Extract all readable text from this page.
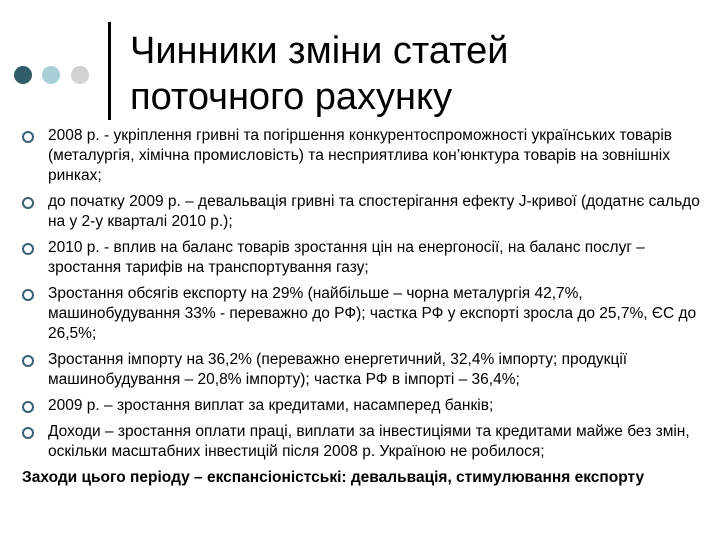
Чинники зміни статей
поточного рахунку
2008 р. - укріплення гривні та погіршення конкурентоспроможності українських товарів (металургія, хімічна промисловість) та несприятлива кон’юнктура товарів на зовнішніх ринках;
до початку 2009 р. – девальвація гривні та спостерігання ефекту J-кривої (додатнє сальдо на у 2-у кварталі 2010 р.);
2010 р. - вплив на баланс товарів зростання цін на енергоносії, на баланс послуг – зростання тарифів на транспортування газу;
Зростання обсягів експорту на 29% (найбільше – чорна металургія 42,7%, машинобудування 33% - переважно до РФ); частка РФ у експорті зросла до 25,7%, ЄС до 26,5%;
Зростання імпорту на 36,2% (переважно енергетичний, 32,4% імпорту; продукції машинобудування – 20,8% імпорту); частка РФ в імпорті – 36,4%;
2009 р. – зростання виплат за кредитами, насамперед банків;
Доходи – зростання оплати праці, виплати за інвестиціями та кредитами майже без змін, оскільки масштабних інвестицій після 2008 р. Україною не робилося;
Заходи цього періоду – експансіоністські: девальвація, стимулювання експорту
